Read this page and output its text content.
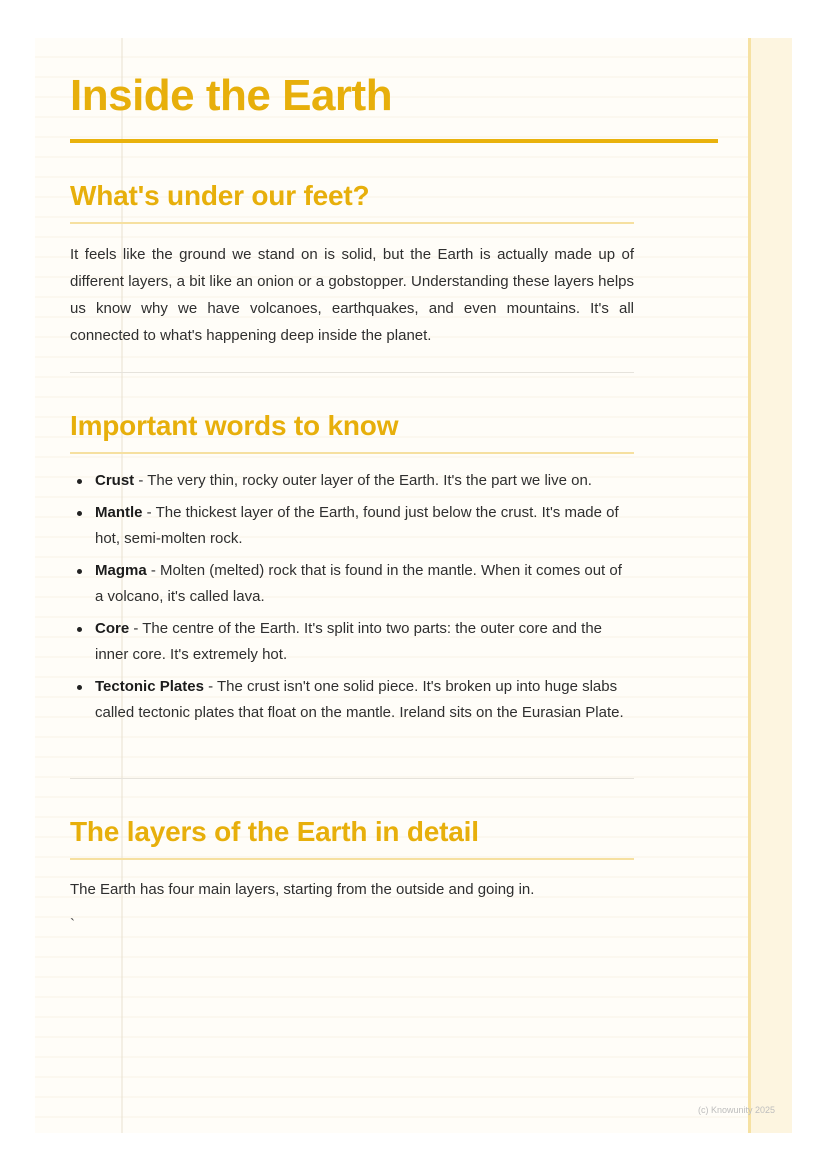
Inside the Earth
What's under our feet?

It feels like the ground we stand on is solid, but the Earth is actually made up of different layers, a bit like an onion or a gobstopper. Understanding these layers helps us know why we have volcanoes, earthquakes, and even mountains. It's all connected to what's happening deep inside the planet.

Important words to know
Crust - The very thin, rocky outer layer of the Earth. It's the part we live on.
Mantle - The thickest layer of the Earth, found just below the crust. It's made of hot, semi-molten rock.
Magma - Molten (melted) rock that is found in the mantle. When it comes out of a volcano, it's called lava.
Core - The centre of the Earth. It's split into two parts: the outer core and the inner core. It's extremely hot.
Tectonic Plates - The crust isn't one solid piece. It's broken up into huge slabs called tectonic plates that float on the mantle. Ireland sits on the Eurasian Plate.
The layers of the Earth in detail

The Earth has four main layers, starting from the outside and going in.

`
(c) Knowunity 2025
